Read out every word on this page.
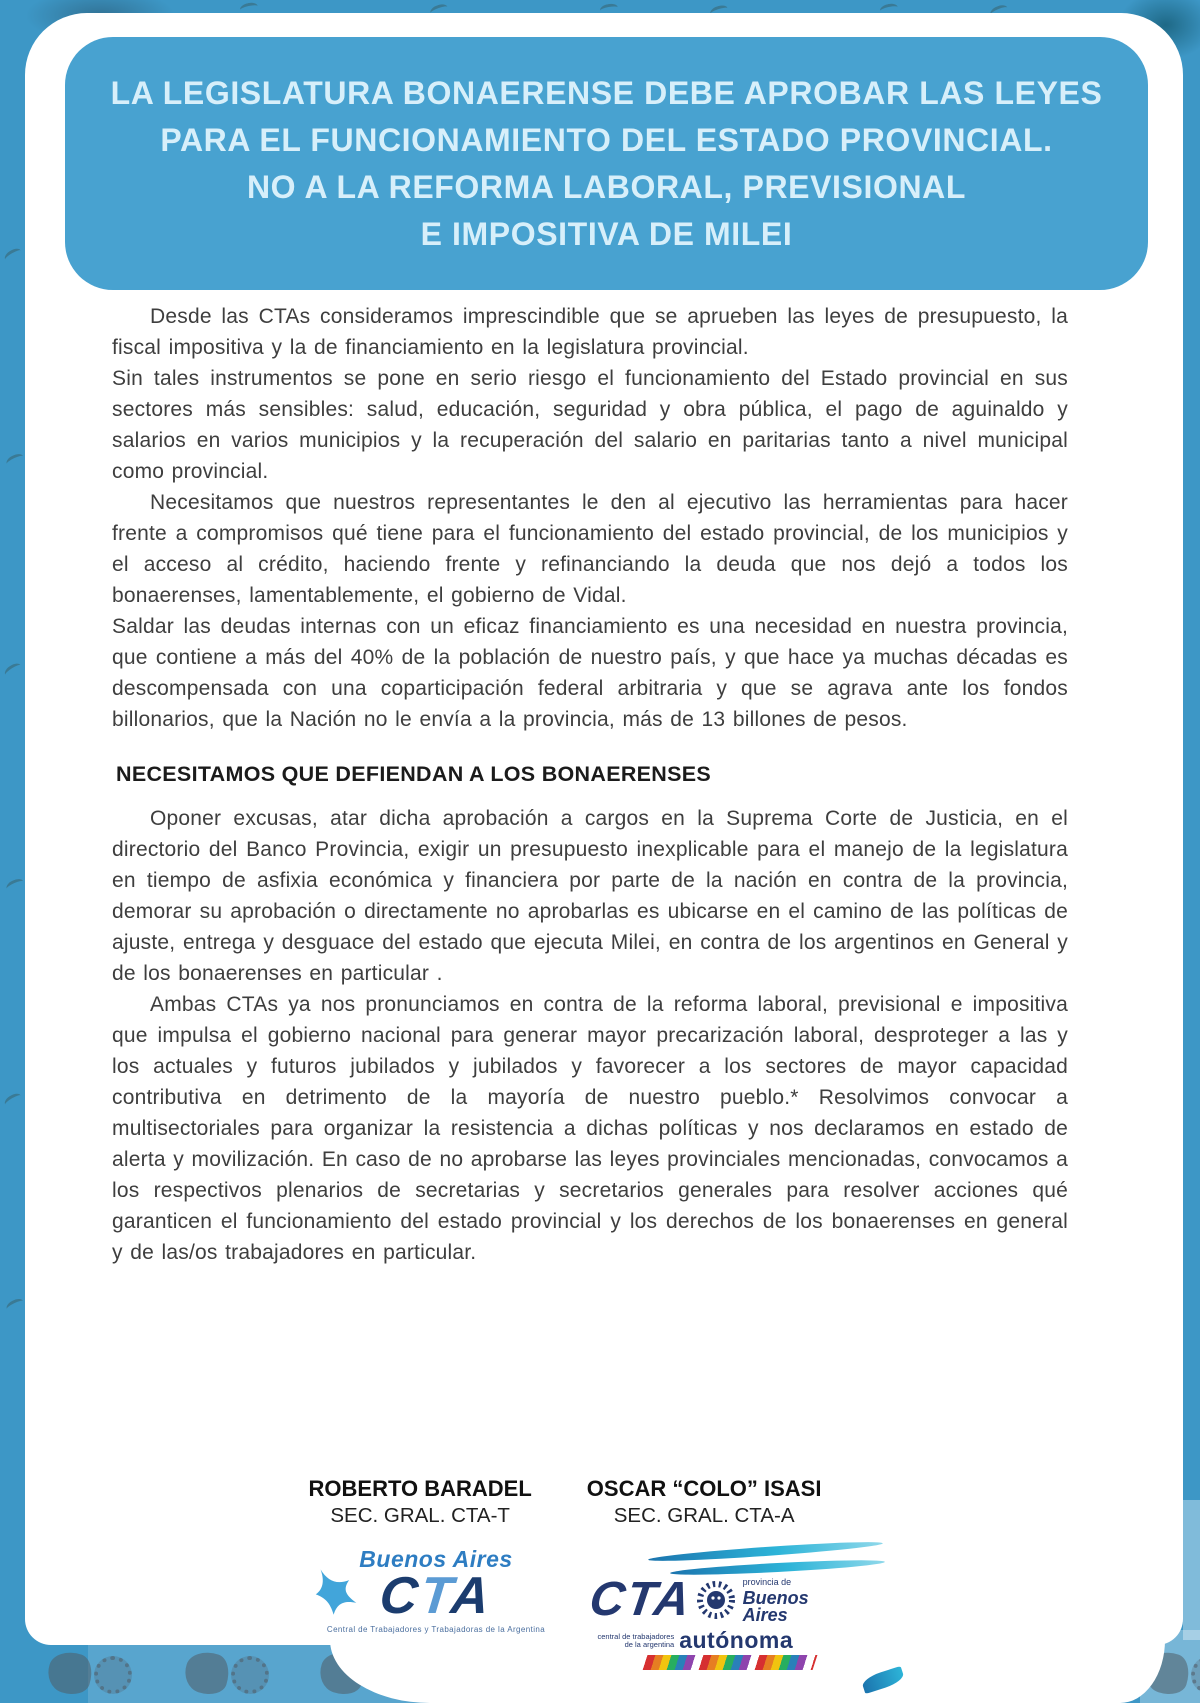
LA LEGISLATURA BONAERENSE DEBE APROBAR LAS LEYES
PARA EL FUNCIONAMIENTO DEL ESTADO PROVINCIAL.
NO A LA REFORMA LABORAL, PREVISIONAL
E IMPOSITIVA DE MILEI

Desde las CTAs consideramos imprescindible que se aprueben las leyes de presupuesto, la fiscal impositiva y la de financiamiento en la legislatura provincial.

Sin tales instrumentos se pone en serio riesgo el funcionamiento del Estado provincial en sus sectores más sensibles: salud, educación, seguridad y obra pública, el pago de aguinaldo y salarios en varios municipios y la recuperación del salario en paritarias tanto a nivel municipal como provincial.

Necesitamos que nuestros representantes le den al ejecutivo las herramientas para hacer frente a compromisos qué tiene para el funcionamiento del estado provincial, de los municipios y el acceso al crédito, haciendo frente y refinanciando la deuda que nos dejó a todos los bonaerenses, lamentablemente, el gobierno de Vidal.

Saldar las deudas internas con un eficaz financiamiento es una necesidad en nuestra provincia, que contiene a más del 40% de la población de nuestro país, y que hace ya muchas décadas es descompensada con una coparticipación federal arbitraria y que se agrava ante los fondos billonarios, que la Nación no le envía a la provincia, más de 13 billones de pesos.

NECESITAMOS QUE DEFIENDAN A LOS BONAERENSES

Oponer excusas, atar dicha aprobación a cargos en la Suprema Corte de Justicia, en el directorio del Banco Provincia, exigir un presupuesto inexplicable para el manejo de la legislatura en tiempo de asfixia económica y financiera por parte de la nación en contra de la provincia, demorar su aprobación o directamente no aprobarlas es ubicarse en el camino de las políticas de ajuste, entrega y desguace del estado que ejecuta Milei, en contra de los argentinos en General y de los bonaerenses en particular .

Ambas CTAs ya nos pronunciamos en contra de la reforma laboral, previsional e impositiva que impulsa el gobierno nacional para generar mayor precarización laboral, desproteger a las y los actuales y futuros jubilados y jubilados y favorecer a los sectores de mayor capacidad contributiva en detrimento de la mayoría de nuestro pueblo.* Resolvimos convocar a multisectoriales para organizar la resistencia a dichas políticas y nos declaramos en estado de alerta y movilización. En caso de no aprobarse las leyes provinciales mencionadas, convocamos a los respectivos plenarios de secretarias y secretarios generales para resolver acciones qué garanticen el funcionamiento del estado provincial y los derechos de los bonaerenses en general y de las/os trabajadores en particular.

ROBERTO BARADEL
SEC. GRAL. CTA-T
OSCAR “COLO” ISASI
SEC. GRAL. CTA-A
Buenos Aires
CTA
Central de Trabajadores y Trabajadoras de la Argentina
CTA	provincia de
Buenos
Aires
central de trabajadores
de la argentina autónoma
